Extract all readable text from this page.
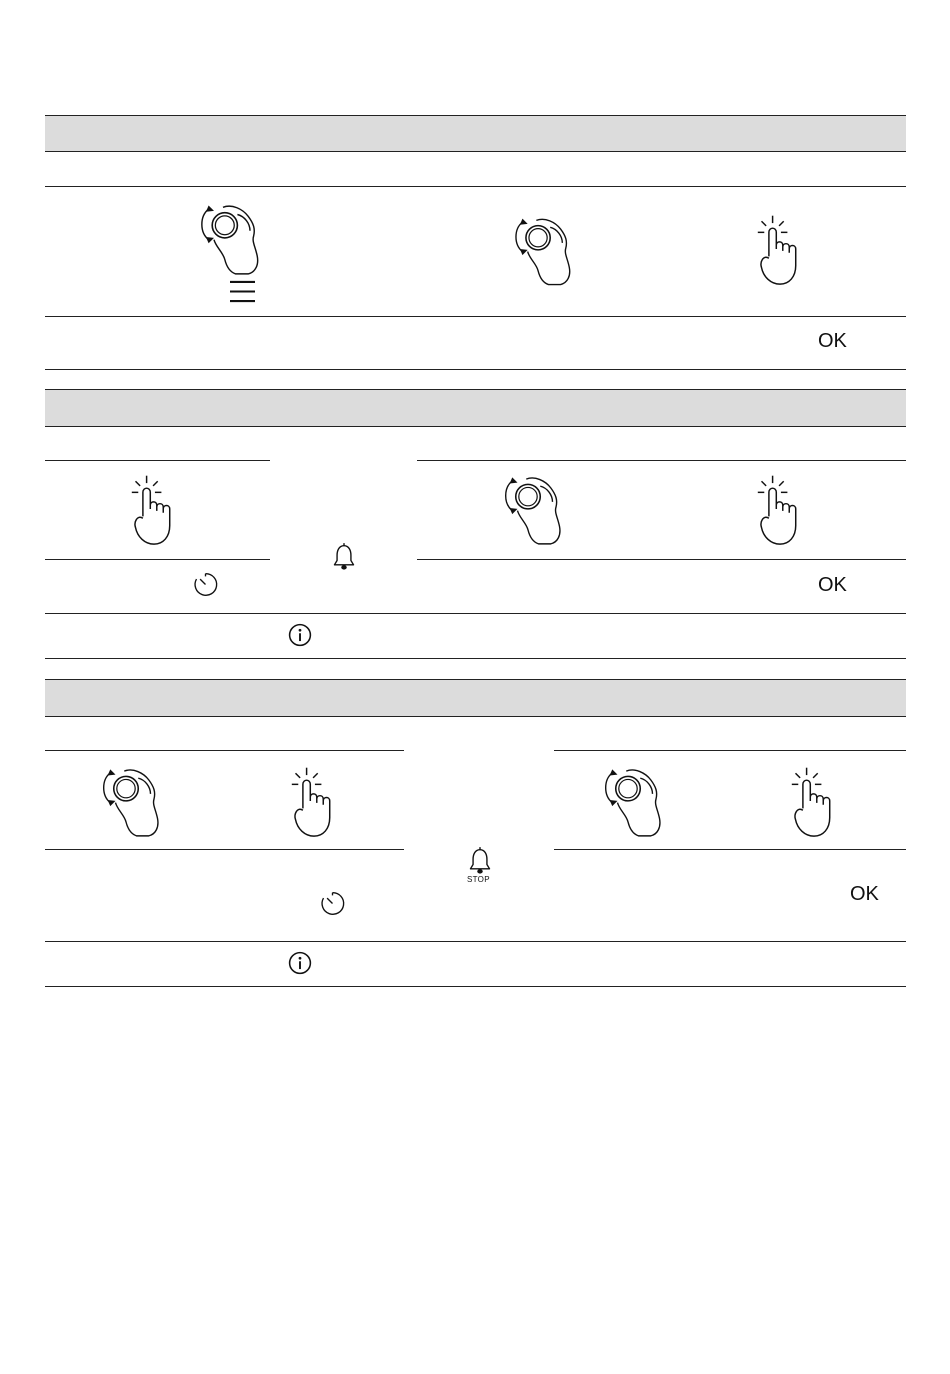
OK
OK
STOP
OK
